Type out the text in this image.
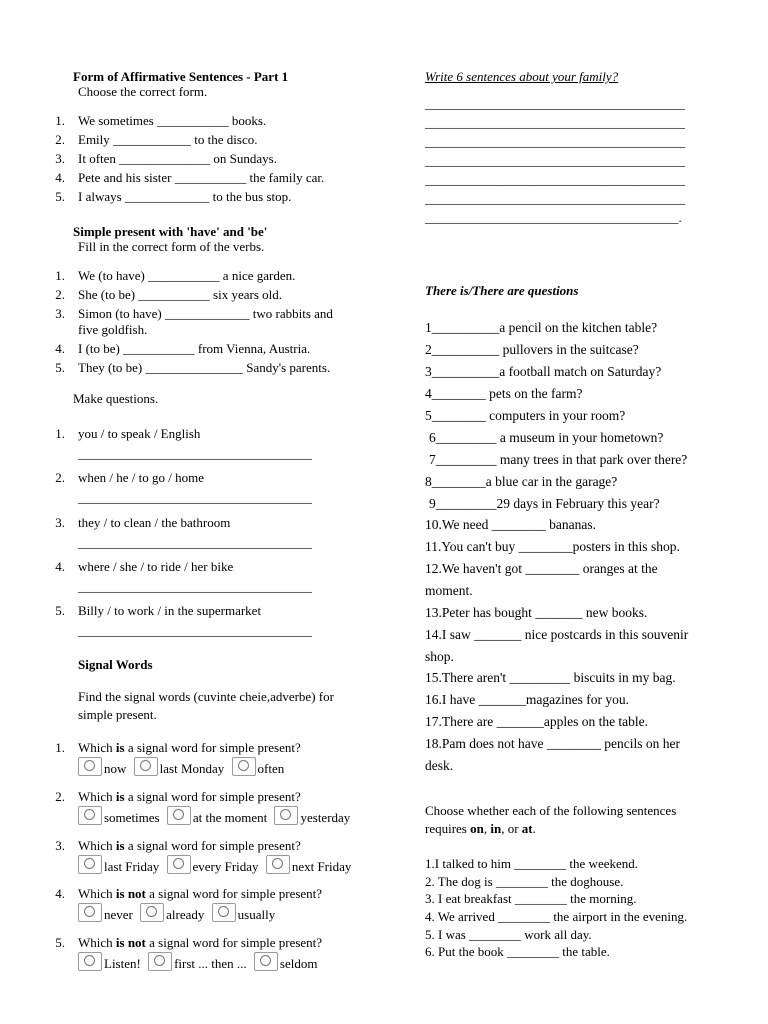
Form of Affirmative Sentences - Part 1
Choose the correct form.
1. We sometimes ___________ books.
2. Emily ____________ to the disco.
3. It often ______________ on Sundays.
4. Pete and his sister ___________ the family car.
5. I always _____________ to the bus stop.
Simple present with 'have' and 'be'
Fill in the correct form of the verbs.
1. We (to have) ___________ a nice garden.
2. She (to be) ___________ six years old.
3. Simon (to have) _____________ two rabbits and
five goldfish.
4. I (to be) ___________ from Vienna, Austria.
5. They (to be) _______________ Sandy's parents.
Make questions.
1. you / to speak / English
____________________________________
2. when / he / to go / home
____________________________________
3. they / to clean / the bathroom
____________________________________
4. where / she / to ride / her bike
____________________________________
5. Billy / to work / in the supermarket
____________________________________
Signal Words
Find the signal words (cuvinte cheie,adverbe) for
simple present.
1. Which is a signal word for simple present?
now	last Monday	often
2. Which is a signal word for simple present?
sometimes	at the moment	yesterday
3. Which is a signal word for simple present?
last Friday	every Friday	next Friday
4. Which is not a signal word for simple present?
never	already	usually
5. Which is not a signal word for simple present?
Listen!	first ... then ...	seldom
Write 6 sentences about your family?
________________________________________
________________________________________
________________________________________
________________________________________
________________________________________
________________________________________
_______________________________________.
There is/There are questions
1__________a pencil on the kitchen table?
2__________ pullovers in the suitcase?
3__________a football match on Saturday?
4________ pets on the farm?
5________ computers in your room?
6_________ a museum in your hometown?
7_________ many trees in that park over there?
8________a blue car in the garage?
9_________29 days in February this year?
10.We need ________ bananas.
11.You can't buy ________posters in this shop.
12.We haven't got ________ oranges at the
moment.
13.Peter has bought _______ new books.
14.I saw _______ nice postcards in this souvenir
shop.
15.There aren't _________ biscuits in my bag.
16.I have _______magazines for you.
17.There are _______apples on the table.
18.Pam does not have ________ pencils on her
desk.
Choose whether each of the following sentences
requires on, in, or at.
1.I talked to him ________ the weekend.
2. The dog is ________ the doghouse.
3. I eat breakfast ________ the morning.
4. We arrived ________ the airport in the evening.
5. I was ________ work all day.
6. Put the book ________ the table.
